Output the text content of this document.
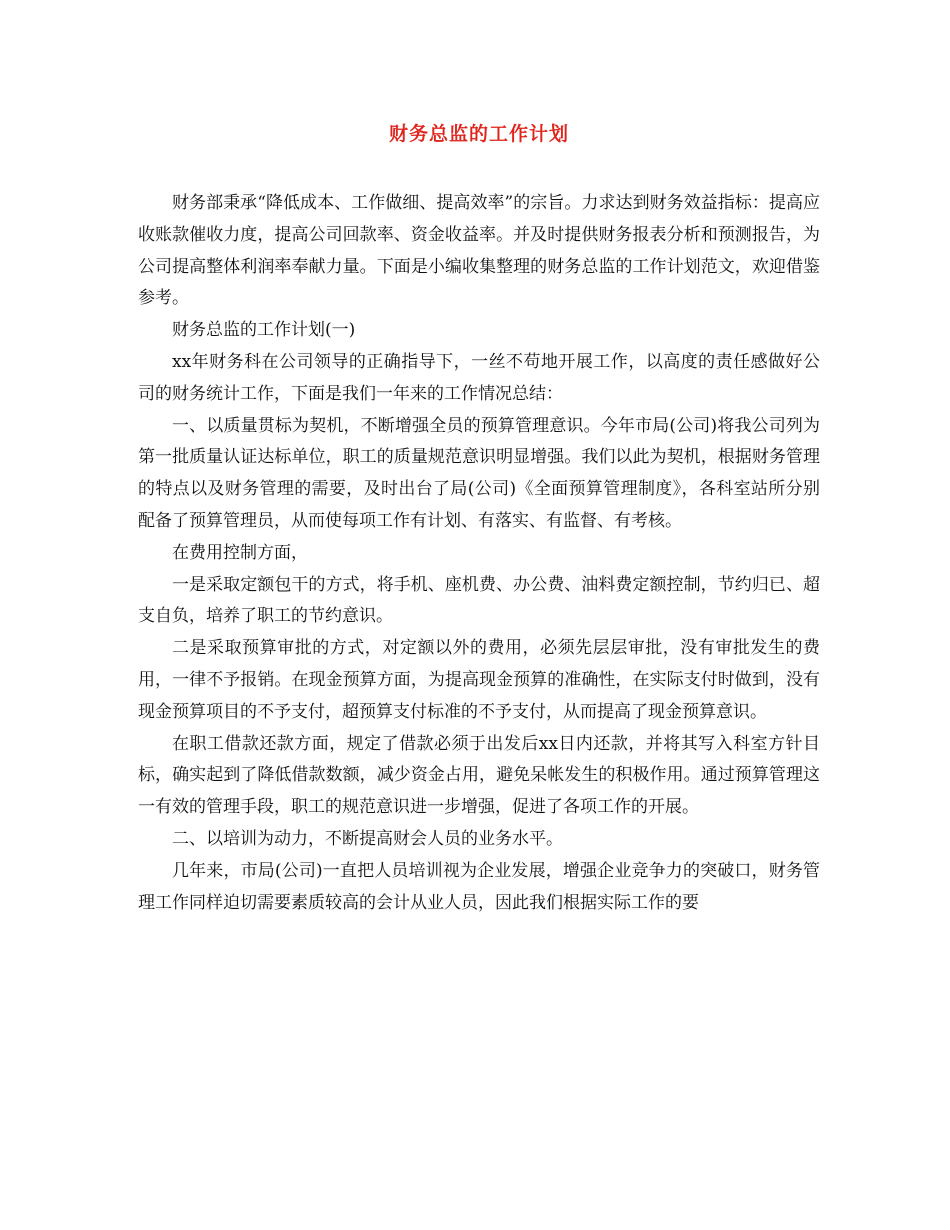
财务总监的工作计划

财务部秉承“降低成本、工作做细、提高效率”的宗旨。力求达到财务效益指标：提高应收账款催收力度，提高公司回款率、资金收益率。并及时提供财务报表分析和预测报告，为公司提高整体利润率奉献力量。下面是小编收集整理的财务总监的工作计划范文，欢迎借鉴参考。

财务总监的工作计划(一)

xx年财务科在公司领导的正确指导下，一丝不苟地开展工作，以高度的责任感做好公司的财务统计工作，下面是我们一年来的工作情况总结：

一、以质量贯标为契机，不断增强全员的预算管理意识。今年市局(公司)将我公司列为第一批质量认证达标单位，职工的质量规范意识明显增强。我们以此为契机，根据财务管理的特点以及财务管理的需要，及时出台了局(公司)《全面预算管理制度》，各科室站所分别配备了预算管理员，从而使每项工作有计划、有落实、有监督、有考核。

在费用控制方面，

一是采取定额包干的方式，将手机、座机费、办公费、油料费定额控制，节约归已、超支自负，培养了职工的节约意识。

二是采取预算审批的方式，对定额以外的费用，必须先层层审批，没有审批发生的费用，一律不予报销。在现金预算方面，为提高现金预算的准确性，在实际支付时做到，没有现金预算项目的不予支付，超预算支付标准的不予支付，从而提高了现金预算意识。

在职工借款还款方面，规定了借款必须于出发后xx日内还款，并将其写入科室方针目标，确实起到了降低借款数额，减少资金占用，避免呆帐发生的积极作用。通过预算管理这一有效的管理手段，职工的规范意识进一步增强，促进了各项工作的开展。

二、以培训为动力，不断提高财会人员的业务水平。

几年来，市局(公司)一直把人员培训视为企业发展，增强企业竞争力的突破口，财务管理工作同样迫切需要素质较高的会计从业人员，因此我们根据实际工作的要
